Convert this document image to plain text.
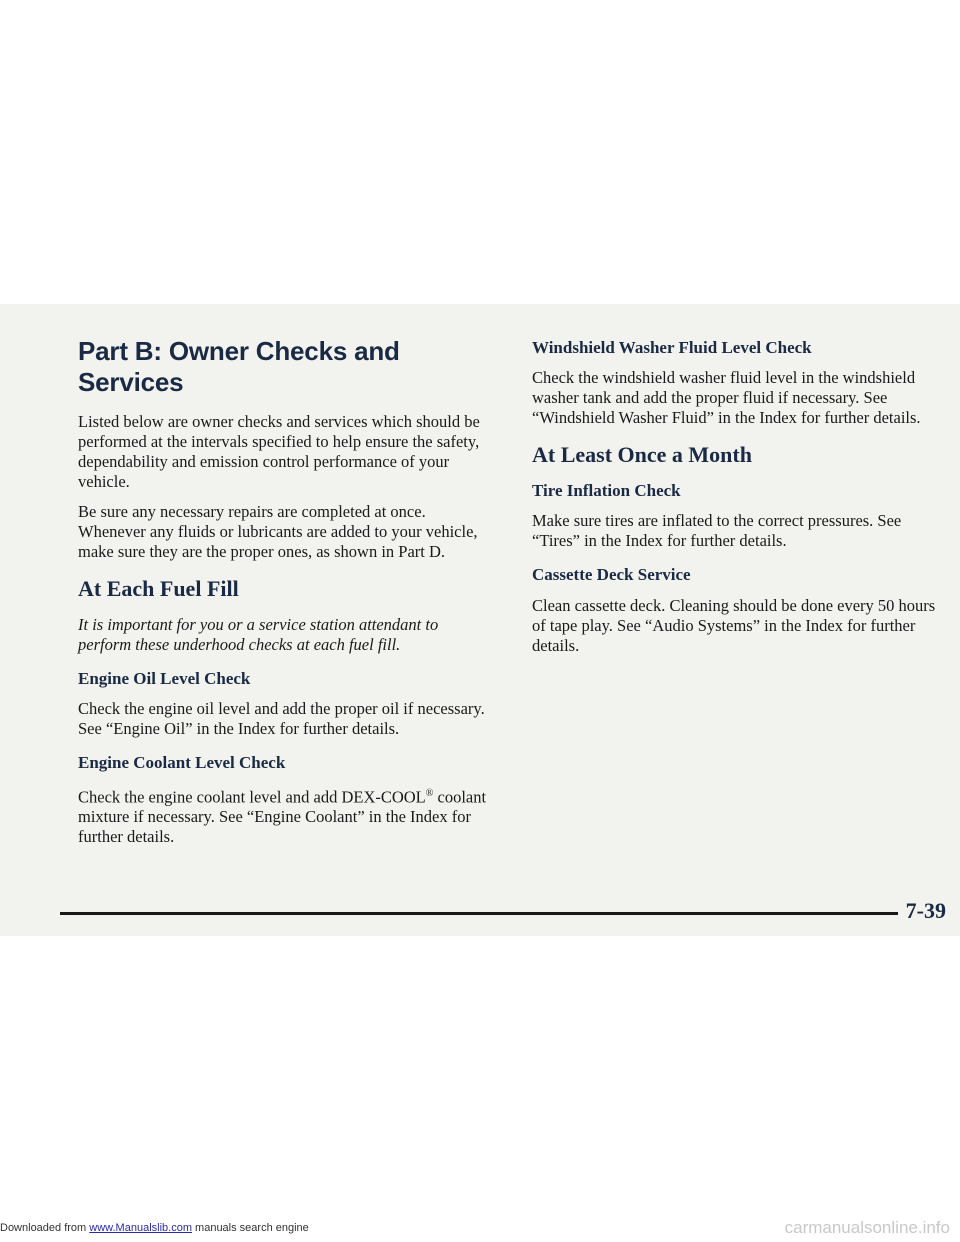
Part B: Owner Checks and Services

Listed below are owner checks and services which should be performed at the intervals specified to help ensure the safety, dependability and emission control performance of your vehicle.

Be sure any necessary repairs are completed at once. Whenever any fluids or lubricants are added to your vehicle, make sure they are the proper ones, as shown in Part D.

At Each Fuel Fill

It is important for you or a service station attendant to perform these underhood checks at each fuel fill.

Engine Oil Level Check

Check the engine oil level and add the proper oil if necessary. See “Engine Oil” in the Index for further details.

Engine Coolant Level Check

Check the engine coolant level and add DEX-COOL® coolant mixture if necessary. See “Engine Coolant” in the Index for further details.

Windshield Washer Fluid Level Check

Check the windshield washer fluid level in the windshield washer tank and add the proper fluid if necessary. See “Windshield Washer Fluid” in the Index for further details.

At Least Once a Month
Tire Inflation Check

Make sure tires are inflated to the correct pressures. See “Tires” in the Index for further details.

Cassette Deck Service

Clean cassette deck. Cleaning should be done every 50 hours of tape play. See “Audio Systems” in the Index for further details.

7-39
Downloaded from www.Manualslib.com manuals search engine	carmanualsonline.info
